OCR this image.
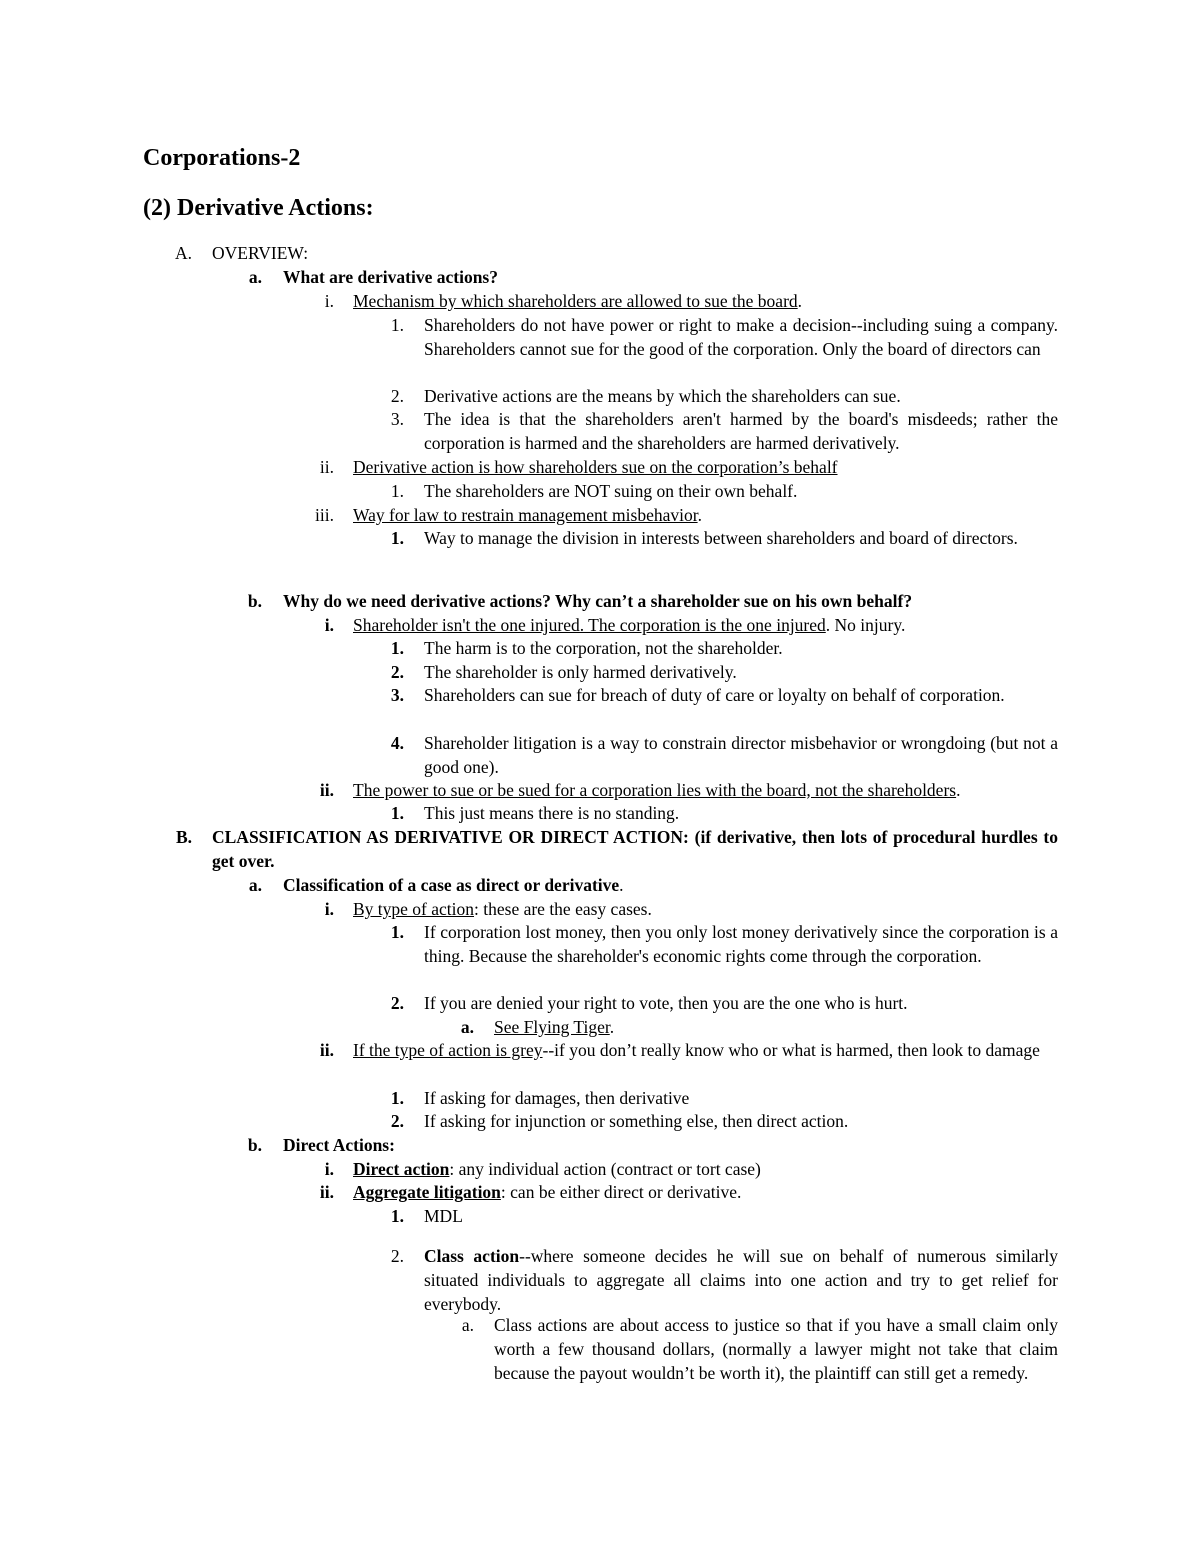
Corporations-2
(2) Derivative Actions:
A. OVERVIEW:
a. What are derivative actions?
i. Mechanism by which shareholders are allowed to sue the board.
1. Shareholders do not have power or right to make a decision--including suing a company. Shareholders cannot sue for the good of the corporation. Only the board of directors can
2. Derivative actions are the means by which the shareholders can sue.
3. The idea is that the shareholders aren't harmed by the board's misdeeds; rather the corporation is harmed and the shareholders are harmed derivatively.
ii. Derivative action is how shareholders sue on the corporation’s behalf
1. The shareholders are NOT suing on their own behalf.
iii. Way for law to restrain management misbehavior.
1. Way to manage the division in interests between shareholders and board of directors.
b. Why do we need derivative actions? Why can’t a shareholder sue on his own behalf?
i. Shareholder isn't the one injured. The corporation is the one injured. No injury.
1. The harm is to the corporation, not the shareholder.
2. The shareholder is only harmed derivatively.
3. Shareholders can sue for breach of duty of care or loyalty on behalf of corporation.
4. Shareholder litigation is a way to constrain director misbehavior or wrongdoing (but not a good one).
ii. The power to sue or be sued for a corporation lies with the board, not the shareholders.
1. This just means there is no standing.
B. CLASSIFICATION AS DERIVATIVE OR DIRECT ACTION: (if derivative, then lots of procedural hurdles to get over.
a. Classification of a case as direct or derivative.
i. By type of action: these are the easy cases.
1. If corporation lost money, then you only lost money derivatively since the corporation is a thing. Because the shareholder's economic rights come through the corporation.
2. If you are denied your right to vote, then you are the one who is hurt.
a. See Flying Tiger.
ii. If the type of action is grey--if you don’t really know who or what is harmed, then look to damage
1. If asking for damages, then derivative
2. If asking for injunction or something else, then direct action.
b. Direct Actions:
i. Direct action: any individual action (contract or tort case)
ii. Aggregate litigation: can be either direct or derivative.
1. MDL
2. Class action--where someone decides he will sue on behalf of numerous similarly situated individuals to aggregate all claims into one action and try to get relief for everybody.
a. Class actions are about access to justice so that if you have a small claim only worth a few thousand dollars, (normally a lawyer might not take that claim because the payout wouldn’t be worth it), the plaintiff can still get a remedy.
